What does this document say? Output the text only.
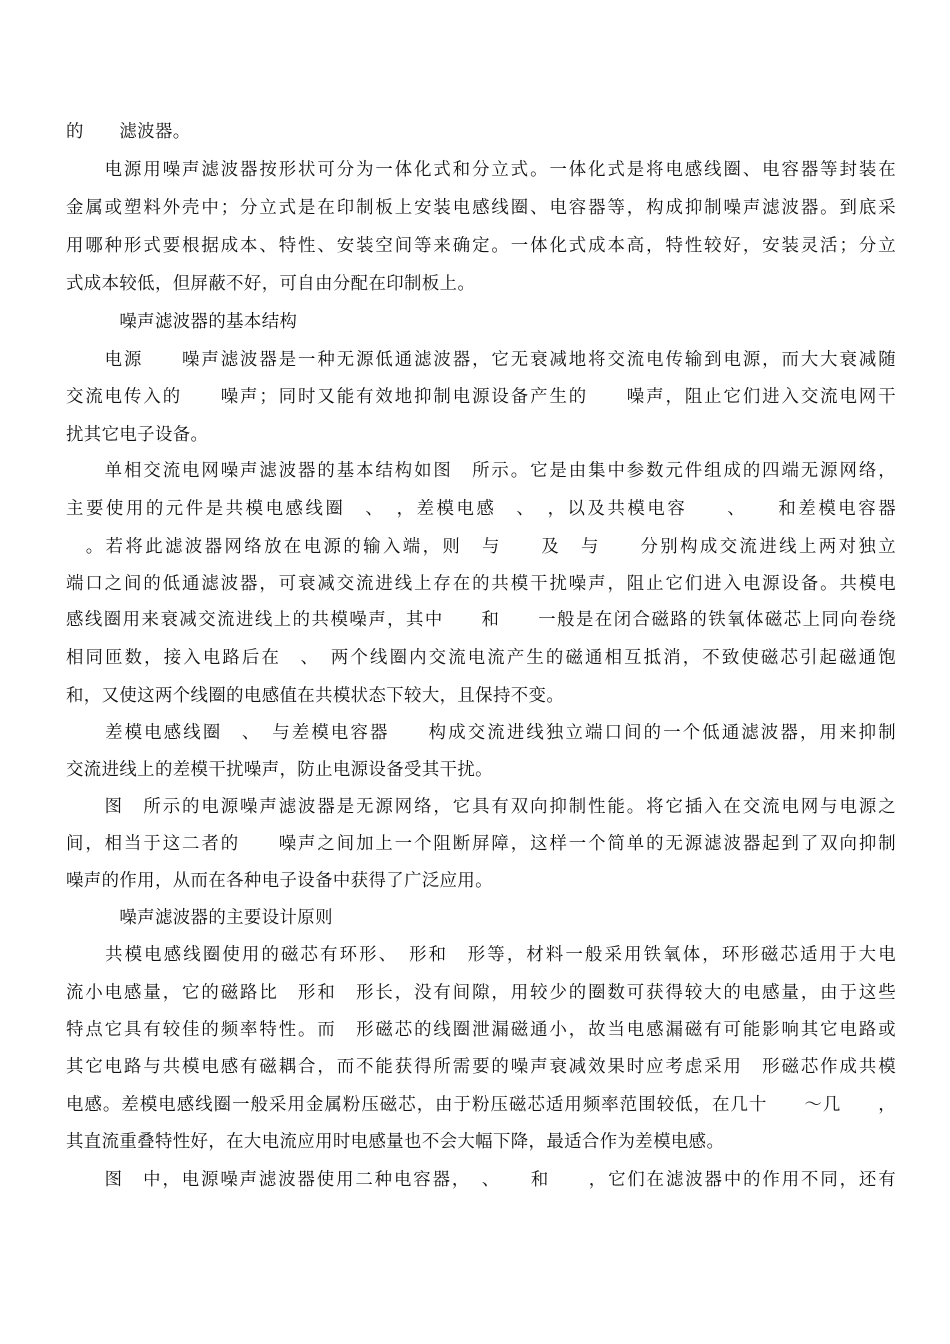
的　　滤波器。
　　电源用噪声滤波器按形状可分为一体化式和分立式。一体化式是将电感线圈、电容器等封装在
金属或塑料外壳中；分立式是在印制板上安装电感线圈、电容器等，构成抑制噪声滤波器。到底采
用哪种形式要根据成本、特性、安装空间等来确定。一体化式成本高，特性较好，安装灵活；分立
式成本较低，但屏蔽不好，可自由分配在印制板上。
　　　噪声滤波器的基本结构
　　电源　　噪声滤波器是一种无源低通滤波器，它无衰减地将交流电传输到电源，而大大衰减随
交流电传入的　　噪声；同时又能有效地抑制电源设备产生的　　噪声，阻止它们进入交流电网干
扰其它电子设备。
　　单相交流电网噪声滤波器的基本结构如图　所示。它是由集中参数元件组成的四端无源网络，
主要使用的元件是共模电感线圈　、　，差模电感　、　，以及共模电容　　、　　和差模电容器
　。若将此滤波器网络放在电源的输入端，则　与　　及　与　　分别构成交流进线上两对独立
端口之间的低通滤波器，可衰减交流进线上存在的共模干扰噪声，阻止它们进入电源设备。共模电
感线圈用来衰减交流进线上的共模噪声，其中　　和　　一般是在闭合磁路的铁氧体磁芯上同向卷绕
相同匝数，接入电路后在　、　两个线圈内交流电流产生的磁通相互抵消，不致使磁芯引起磁通饱
和，又使这两个线圈的电感值在共模状态下较大，且保持不变。
　　差模电感线圈　、　与差模电容器　　构成交流进线独立端口间的一个低通滤波器，用来抑制
交流进线上的差模干扰噪声，防止电源设备受其干扰。
　　图　所示的电源噪声滤波器是无源网络，它具有双向抑制性能。将它插入在交流电网与电源之
间，相当于这二者的　　噪声之间加上一个阻断屏障，这样一个简单的无源滤波器起到了双向抑制
噪声的作用，从而在各种电子设备中获得了广泛应用。
　　　噪声滤波器的主要设计原则
　　共模电感线圈使用的磁芯有环形、　形和　形等，材料一般采用铁氧体，环形磁芯适用于大电
流小电感量，它的磁路比　形和　形长，没有间隙，用较少的圈数可获得较大的电感量，由于这些
特点它具有较佳的频率特性。而　形磁芯的线圈泄漏磁通小，故当电感漏磁有可能影响其它电路或
其它电路与共模电感有磁耦合，而不能获得所需要的噪声衰减效果时应考虑采用　形磁芯作成共模
电感。差模电感线圈一般采用金属粉压磁芯，由于粉压磁芯适用频率范围较低，在几十　　～几　　，
其直流重叠特性好，在大电流应用时电感量也不会大幅下降，最适合作为差模电感。
　　图　中，电源噪声滤波器使用二种电容器，　、　　和　　，它们在滤波器中的作用不同，还有
